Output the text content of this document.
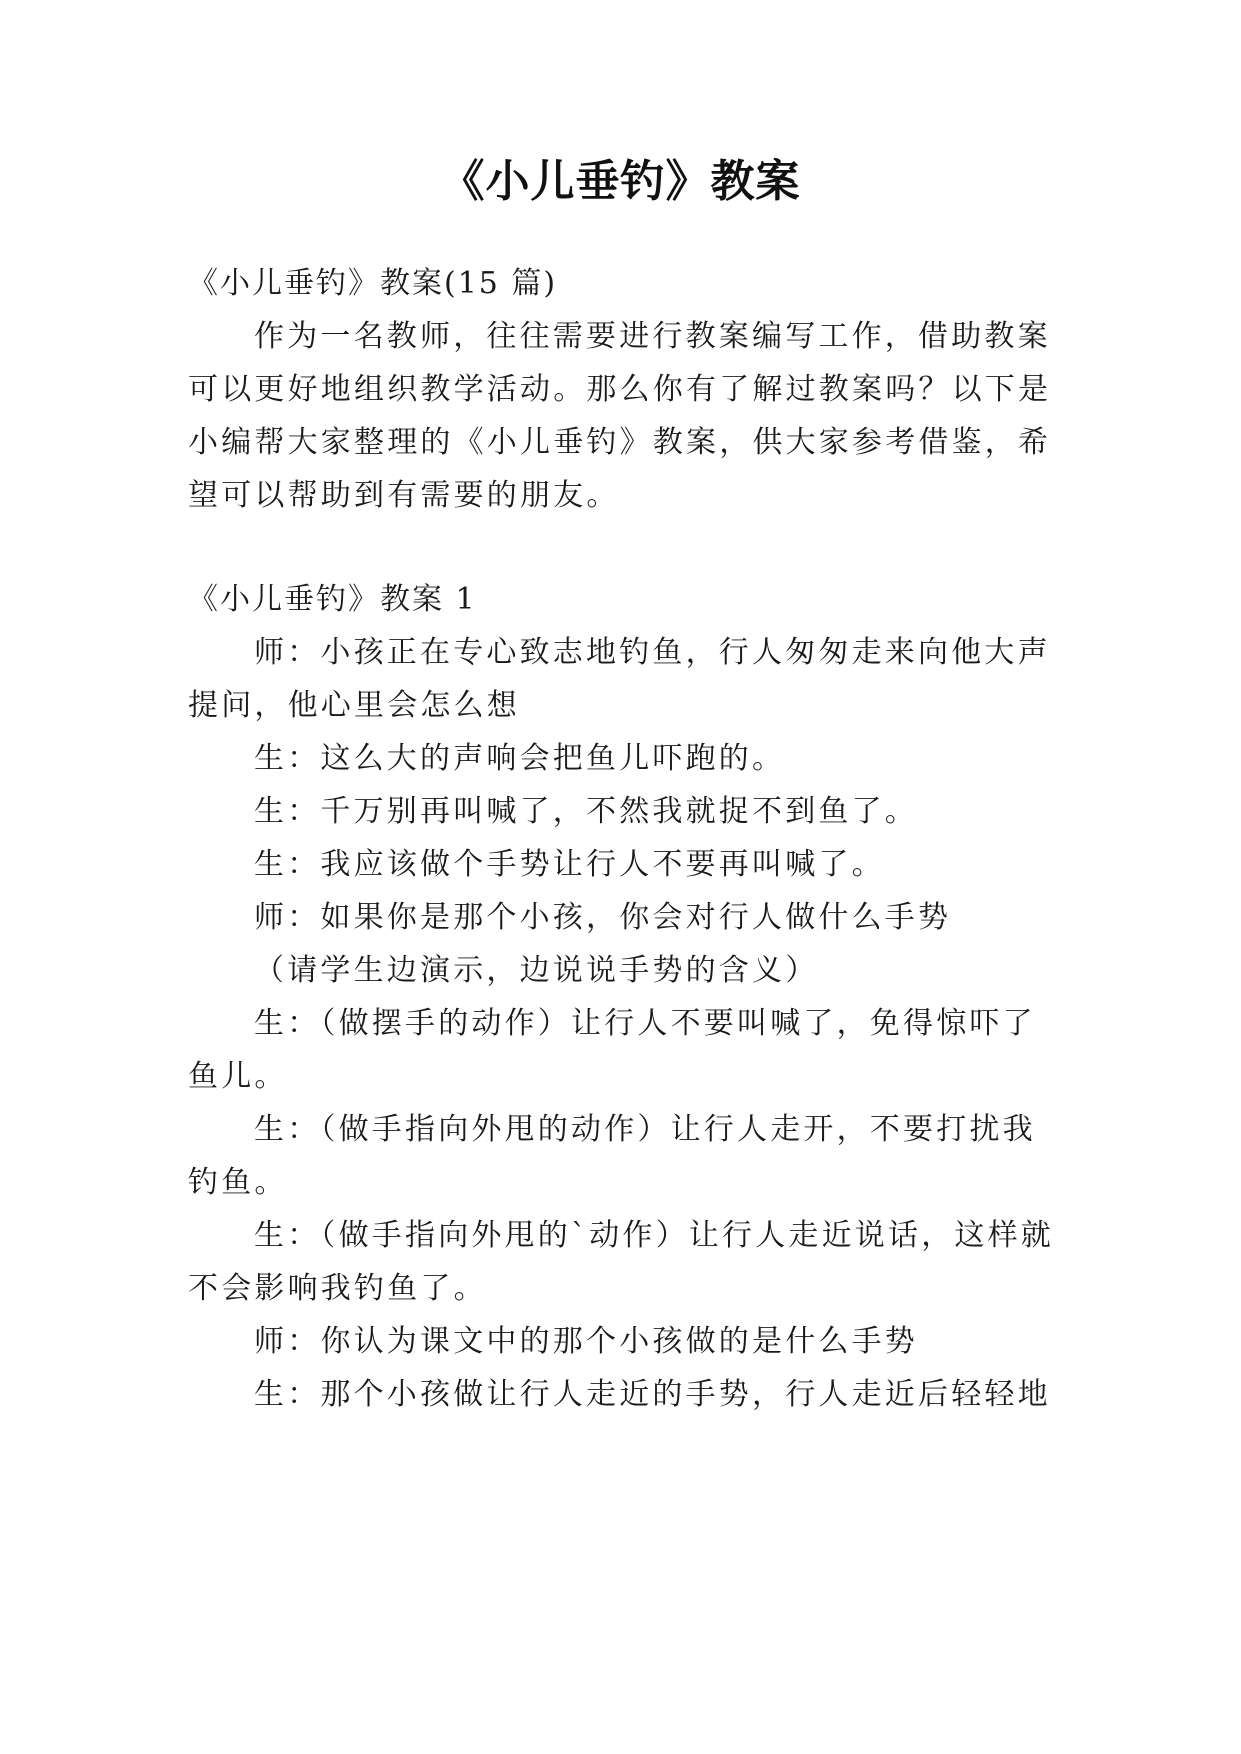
《小儿垂钓》教案

《小儿垂钓》教案(15 篇)

作为一名教师，往往需要进行教案编写工作，借助教案

可以更好地组织教学活动。那么你有了解过教案吗？以下是

小编帮大家整理的《小儿垂钓》教案，供大家参考借鉴，希

望可以帮助到有需要的朋友。

《小儿垂钓》教案 1

师：小孩正在专心致志地钓鱼，行人匆匆走来向他大声

提问，他心里会怎么想

生：这么大的声响会把鱼儿吓跑的。

生：千万别再叫喊了，不然我就捉不到鱼了。

生：我应该做个手势让行人不要再叫喊了。

师：如果你是那个小孩，你会对行人做什么手势

（请学生边演示，边说说手势的含义）

生：（做摆手的动作）让行人不要叫喊了，免得惊吓了

鱼儿。

生：（做手指向外甩的动作）让行人走开，不要打扰我

钓鱼。

生：（做手指向外甩的`动作）让行人走近说话，这样就

不会影响我钓鱼了。

师：你认为课文中的那个小孩做的是什么手势

生：那个小孩做让行人走近的手势，行人走近后轻轻地
